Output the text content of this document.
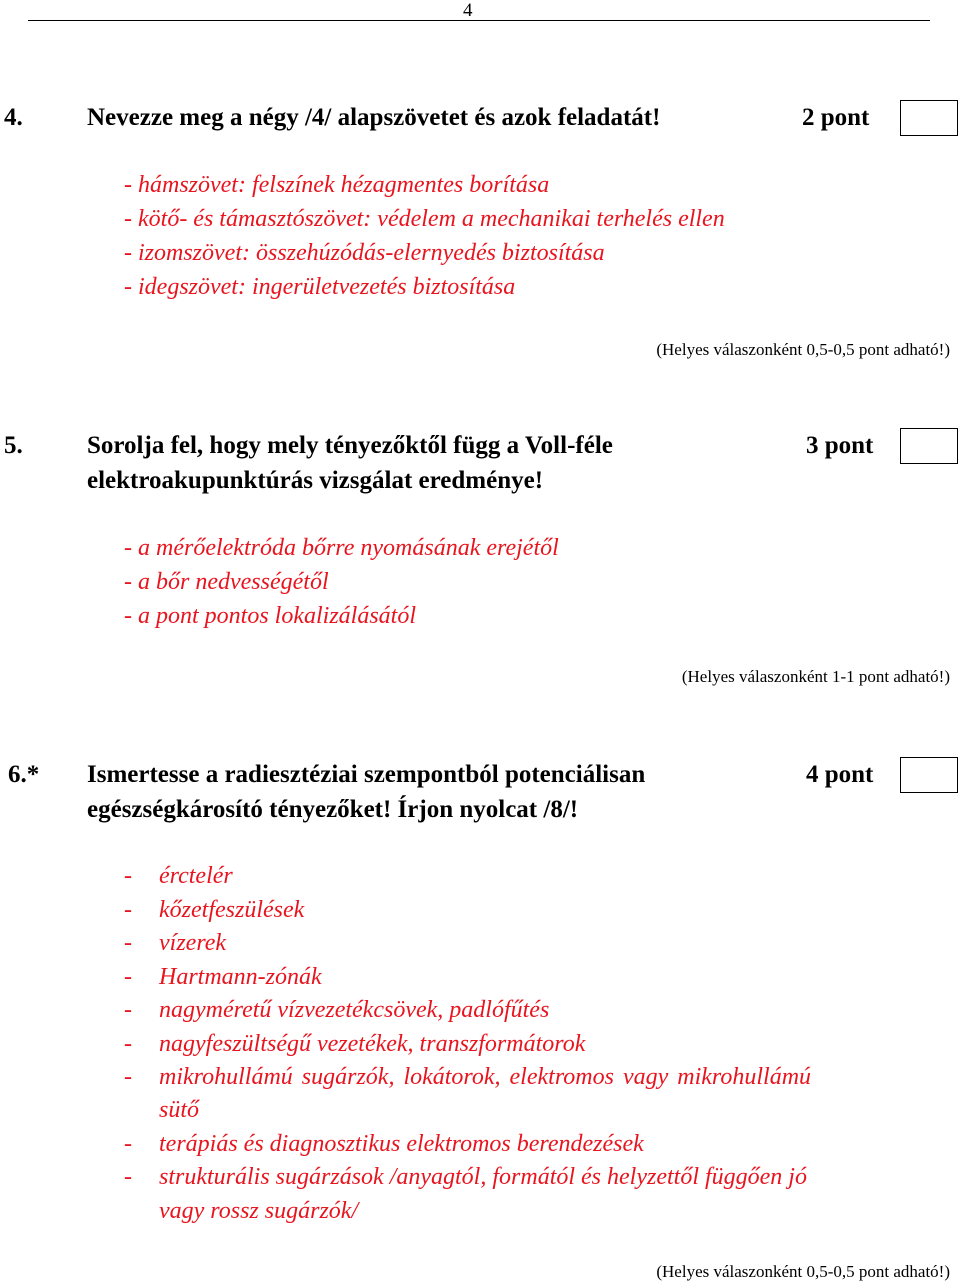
4
4.	Nevezze meg a négy /4/ alapszövetet és azok feladatát!	2 pont
- hámszövet: felszínek hézagmentes borítása
- kötő- és támasztószövet: védelem a mechanikai terhelés ellen
- izomszövet: összehúzódás-elernyedés biztosítása
- idegszövet: ingerületvezetés biztosítása
(Helyes válaszonként 0,5-0,5 pont adható!)
5.	Sorolja fel, hogy mely tényezőktől függ a Voll-féle
elektroakupunktúrás vizsgálat eredménye!
3 pont
- a mérőelektróda bőrre nyomásának erejétől
- a bőr nedvességétől
- a pont pontos lokalizálásától
(Helyes válaszonként 1-1 pont adható!)
6.* Ismertesse a radiesztéziai szempontból potenciálisan
egészségkárosító tényezőket! Írjon nyolcat /8/!
4 pont
- érctelér
- kőzetfeszülések
- vízerek
- Hartmann-zónák
- nagyméretű vízvezetékcsövek, padlófűtés
- nagyfeszültségű vezetékek, transzformátorok
- mikrohullámú sugárzók, lokátorok, elektromos vagy mikrohullámú
sütő
- terápiás és diagnosztikus elektromos berendezések
- strukturális sugárzások /anyagtól, formától és helyzettől függően jó
vagy rossz sugárzók/
(Helyes válaszonként 0,5-0,5 pont adható!)
